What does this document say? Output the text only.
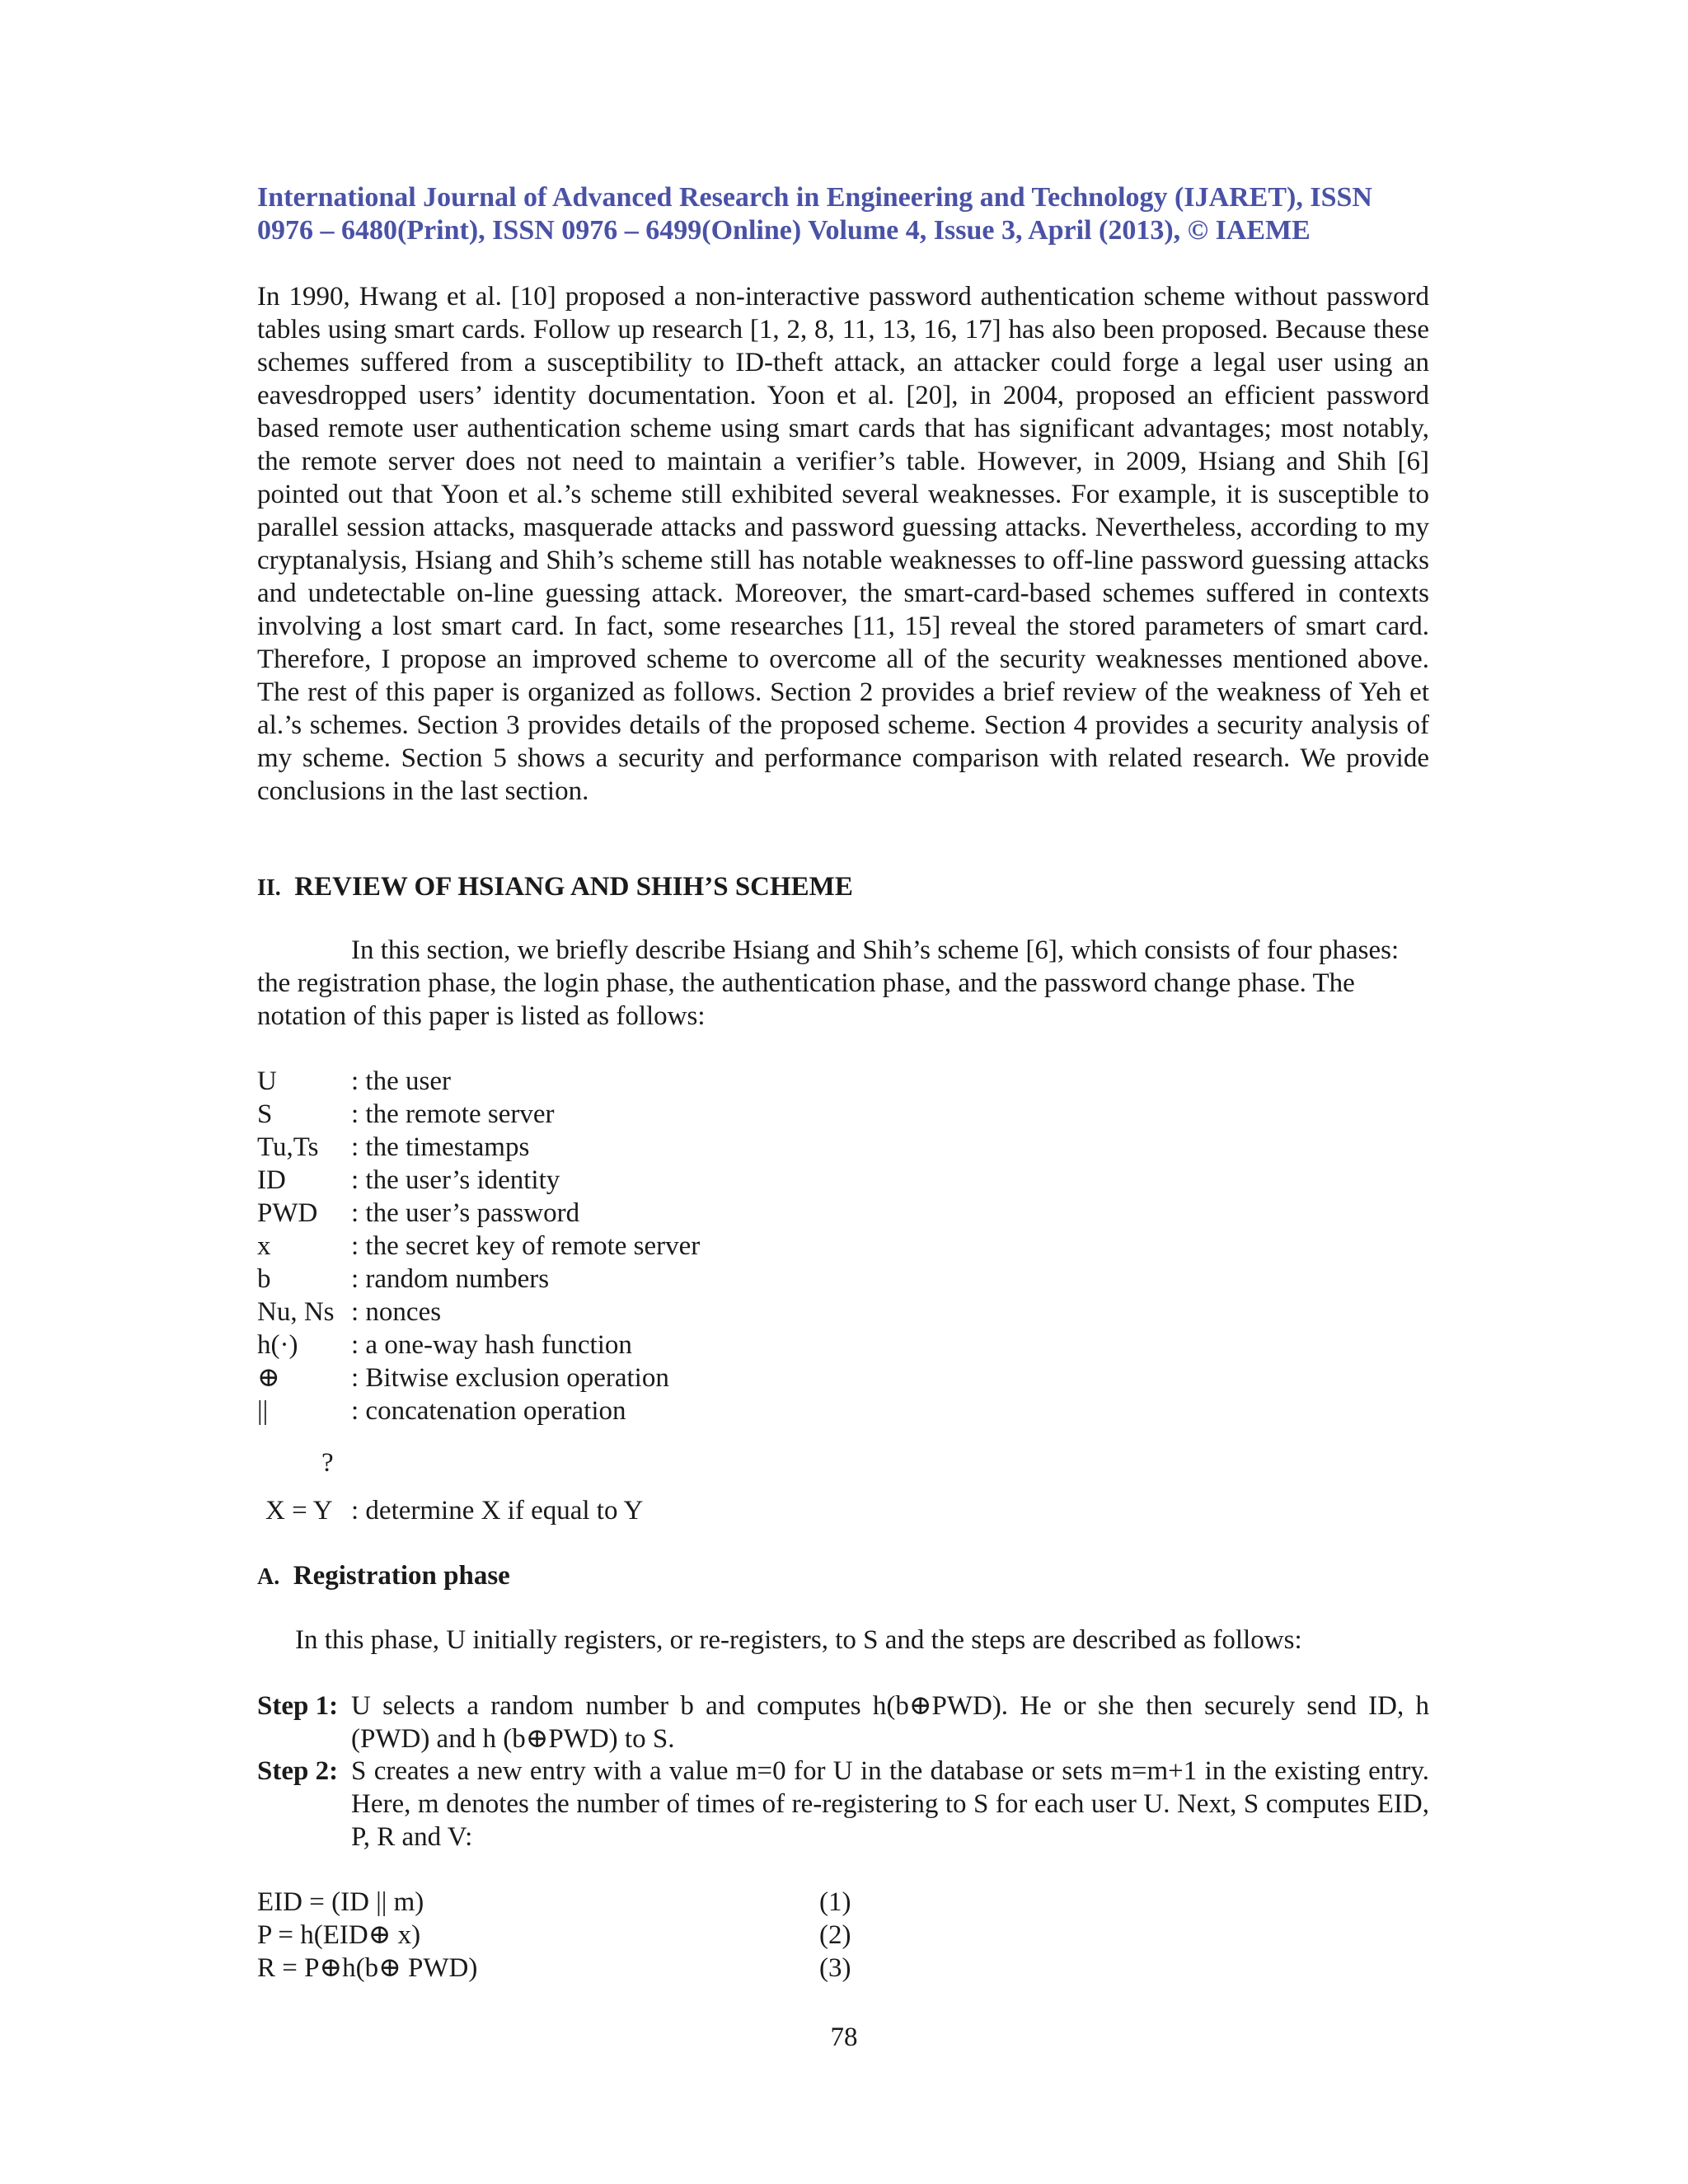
International Journal of Advanced Research in Engineering and Technology (IJARET), ISSN
0976 – 6480(Print), ISSN 0976 – 6499(Online) Volume 4, Issue 3, April (2013), © IAEME
In 1990, Hwang et al. [10] proposed a non-interactive password authentication scheme without password tables using smart cards. Follow up research [1, 2, 8, 11, 13, 16, 17] has also been proposed. Because these schemes suffered from a susceptibility to ID-theft attack, an attacker could forge a legal user using an eavesdropped users’ identity documentation. Yoon et al. [20], in 2004, proposed an efficient password based remote user authentication scheme using smart cards that has significant advantages; most notably, the remote server does not need to maintain a verifier’s table. However, in 2009, Hsiang and Shih [6] pointed out that Yoon et al.’s scheme still exhibited several weaknesses. For example, it is susceptible to parallel session attacks, masquerade attacks and password guessing attacks. Nevertheless, according to my cryptanalysis, Hsiang and Shih’s scheme still has notable weaknesses to off-line password guessing attacks and undetectable on-line guessing attack. Moreover, the smart-card-based schemes suffered in contexts involving a lost smart card. In fact, some researches [11, 15] reveal the stored parameters of smart card. Therefore, I propose an improved scheme to overcome all of the security weaknesses mentioned above. The rest of this paper is organized as follows. Section 2 provides a brief review of the weakness of Yeh et al.’s schemes. Section 3 provides details of the proposed scheme. Section 4 provides a security analysis of my scheme. Section 5 shows a security and performance comparison with related research. We provide conclusions in the last section.
II. REVIEW OF HSIANG AND SHIH’S SCHEME
In this section, we briefly describe Hsiang and Shih’s scheme [6], which consists of four phases: the registration phase, the login phase, the authentication phase, and the password change phase. The notation of this paper is listed as follows:
U	: the user
S	: the remote server
Tu,Ts : the timestamps
ID : the user’s identity
PWD : the user’s password
x	: the secret key of remote server
b	: random numbers
Nu, Ns : nonces
h(·) : a one-way hash function
⊕	: Bitwise exclusion operation
||	: concatenation operation
?
X = Y : determine X if equal to Y
A. Registration phase
In this phase, U initially registers, or re-registers, to S and the steps are described as follows:
Step 1: U selects a random number b and computes h(b⊕PWD). He or she then securely send ID, h (PWD) and h (b⊕PWD) to S.
Step 2: S creates a new entry with a value m=0 for U in the database or sets m=m+1 in the existing entry. Here, m denotes the number of times of re-registering to S for each user U. Next, S computes EID, P, R and V:
EID = (ID || m)	(1)
P = h(EID⊕ x)	(2)
R = P⊕h(b⊕ PWD)	(3)
78
